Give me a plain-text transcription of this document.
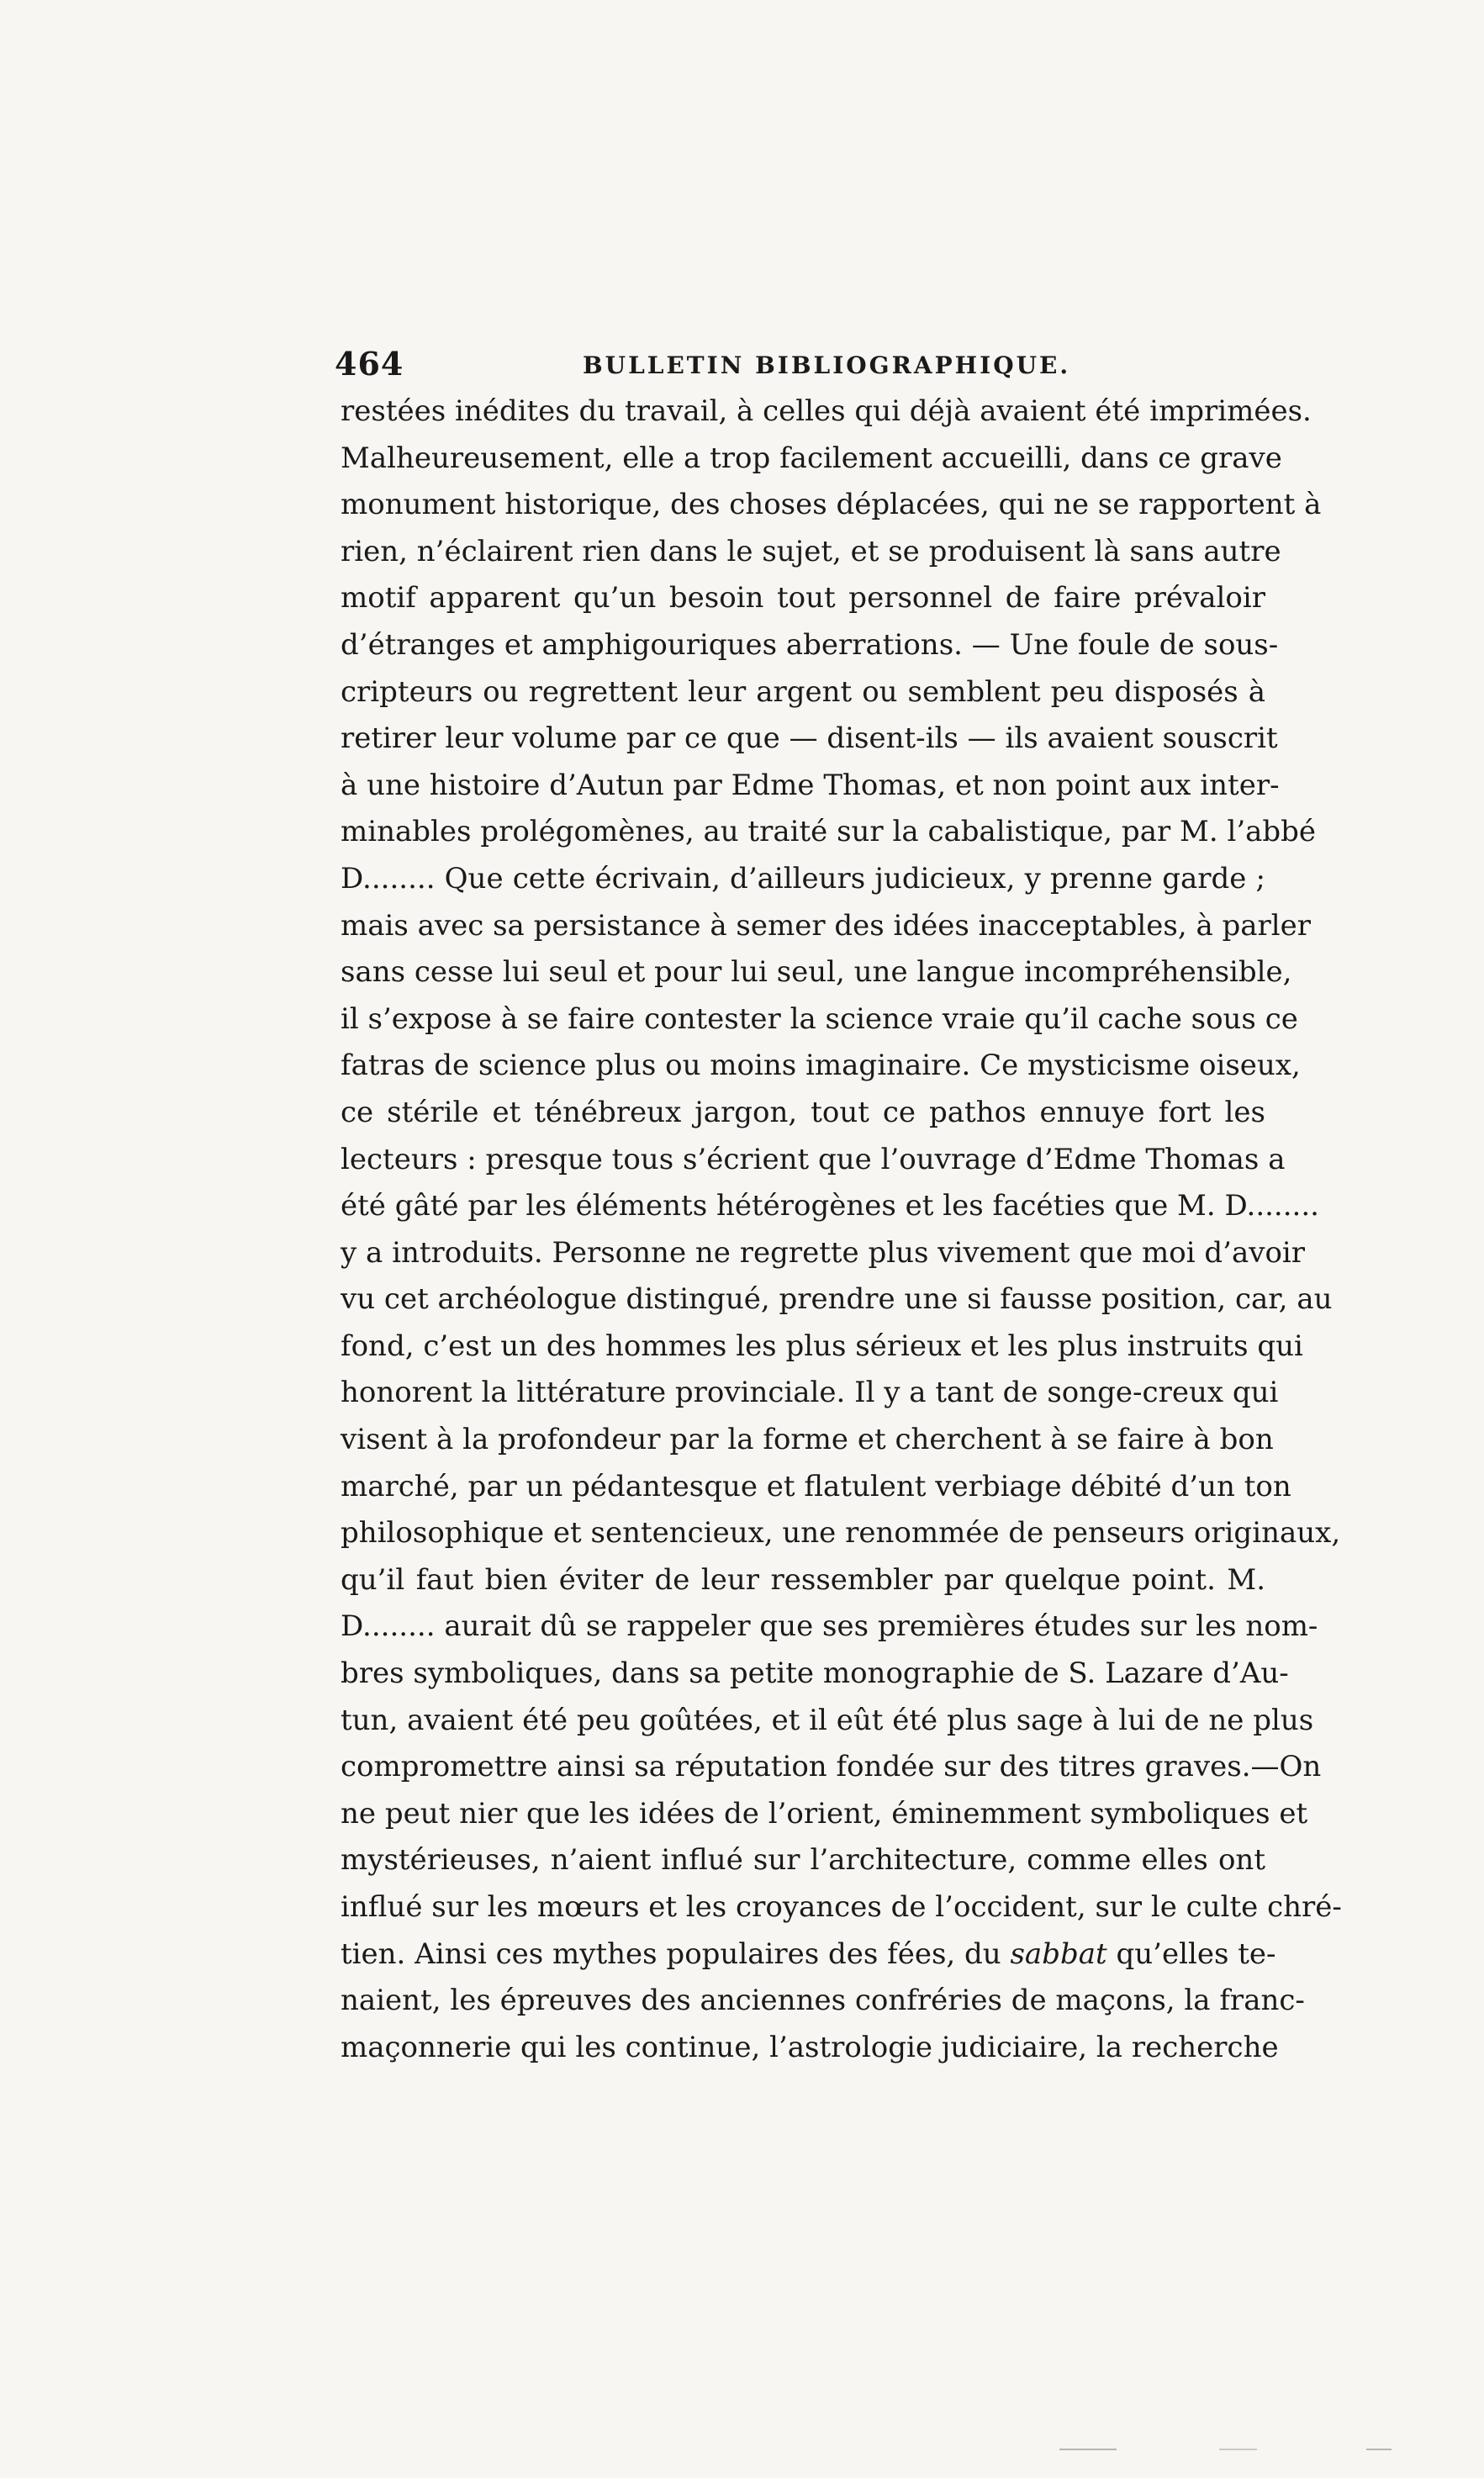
464	BULLETIN BIBLIOGRAPHIQUE.
restées inédites du travail, à celles qui déjà avaient été imprimées.
Malheureusement, elle a trop facilement accueilli, dans ce grave
monument historique, des choses déplacées, qui ne se rapportent à
rien, n’éclairent rien dans le sujet, et se produisent là sans autre
motif apparent qu’un besoin tout personnel de faire prévaloir
d’étranges et amphigouriques aberrations. — Une foule de sous-
cripteurs ou regrettent leur argent ou semblent peu disposés à
retirer leur volume par ce que — disent-ils — ils avaient souscrit
à une histoire d’Autun par Edme Thomas, et non point aux inter-
minables prolégomènes, au traité sur la cabalistique, par M. l’abbé
D........ Que cette écrivain, d’ailleurs judicieux, y prenne garde ;
mais avec sa persistance à semer des idées inacceptables, à parler
sans cesse lui seul et pour lui seul, une langue incompréhensible,
il s’expose à se faire contester la science vraie qu’il cache sous ce
fatras de science plus ou moins imaginaire. Ce mysticisme oiseux,
ce stérile et ténébreux jargon, tout ce pathos ennuye fort les
lecteurs : presque tous s’écrient que l’ouvrage d’Edme Thomas a
été gâté par les éléments hétérogènes et les facéties que M. D........
y a introduits. Personne ne regrette plus vivement que moi d’avoir
vu cet archéologue distingué, prendre une si fausse position, car, au
fond, c’est un des hommes les plus sérieux et les plus instruits qui
honorent la littérature provinciale. Il y a tant de songe-creux qui
visent à la profondeur par la forme et cherchent à se faire à bon
marché, par un pédantesque et flatulent verbiage débité d’un ton
philosophique et sentencieux, une renommée de penseurs originaux,
qu’il faut bien éviter de leur ressembler par quelque point. M.
D........ aurait dû se rappeler que ses premières études sur les nom-
bres symboliques, dans sa petite monographie de S. Lazare d’Au-
tun, avaient été peu goûtées, et il eût été plus sage à lui de ne plus
compromettre ainsi sa réputation fondée sur des titres graves.—On
ne peut nier que les idées de l’orient, éminemment symboliques et
mystérieuses, n’aient influé sur l’architecture, comme elles ont
influé sur les mœurs et les croyances de l’occident, sur le culte chré-
tien. Ainsi ces mythes populaires des fées, du sabbat qu’elles te-
naient, les épreuves des anciennes confréries de maçons, la franc-
maçonnerie qui les continue, l’astrologie judiciaire, la recherche
